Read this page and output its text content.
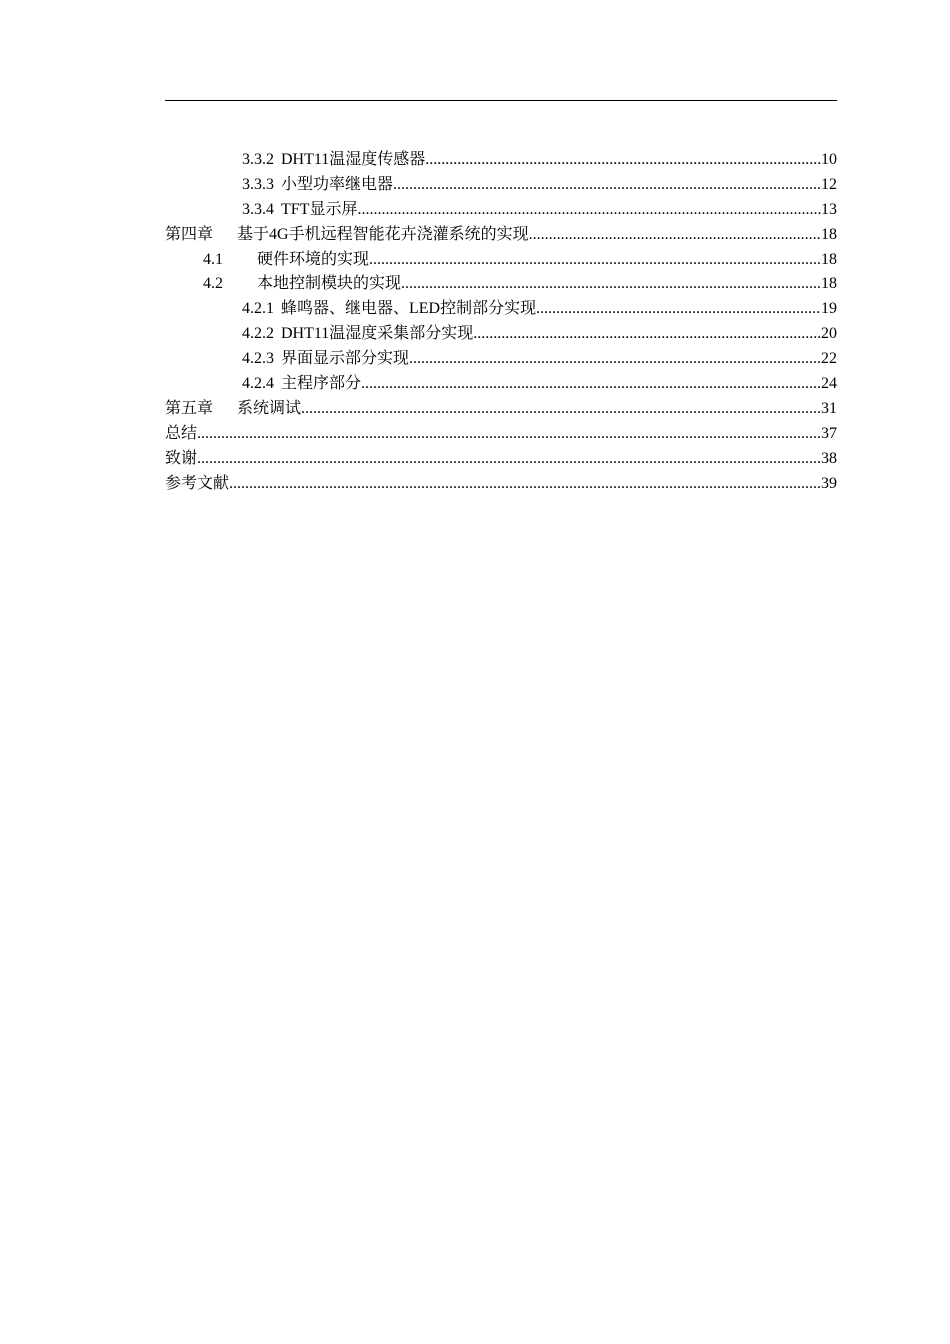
3.3.2 DHT11温湿度传感器 .....	10
3.3.3 小型功率继电器 .....	12
3.3.4 TFT显示屏 .....	13
第四章 基于4G手机远程智能花卉浇灌系统的实现 .....	18
4.1 硬件环境的实现 .....	18
4.2 本地控制模块的实现 .....	18
4.2.1 蜂鸣器、继电器、LED控制部分实现 .....	19
4.2.2 DHT11温湿度采集部分实现 .....	20
4.2.3 界面显示部分实现 .....	22
4.2.4 主程序部分 .....	24
第五章 系统调试 .....	31
总结 .....	37
致谢 .....	38
参考文献 .....	39
